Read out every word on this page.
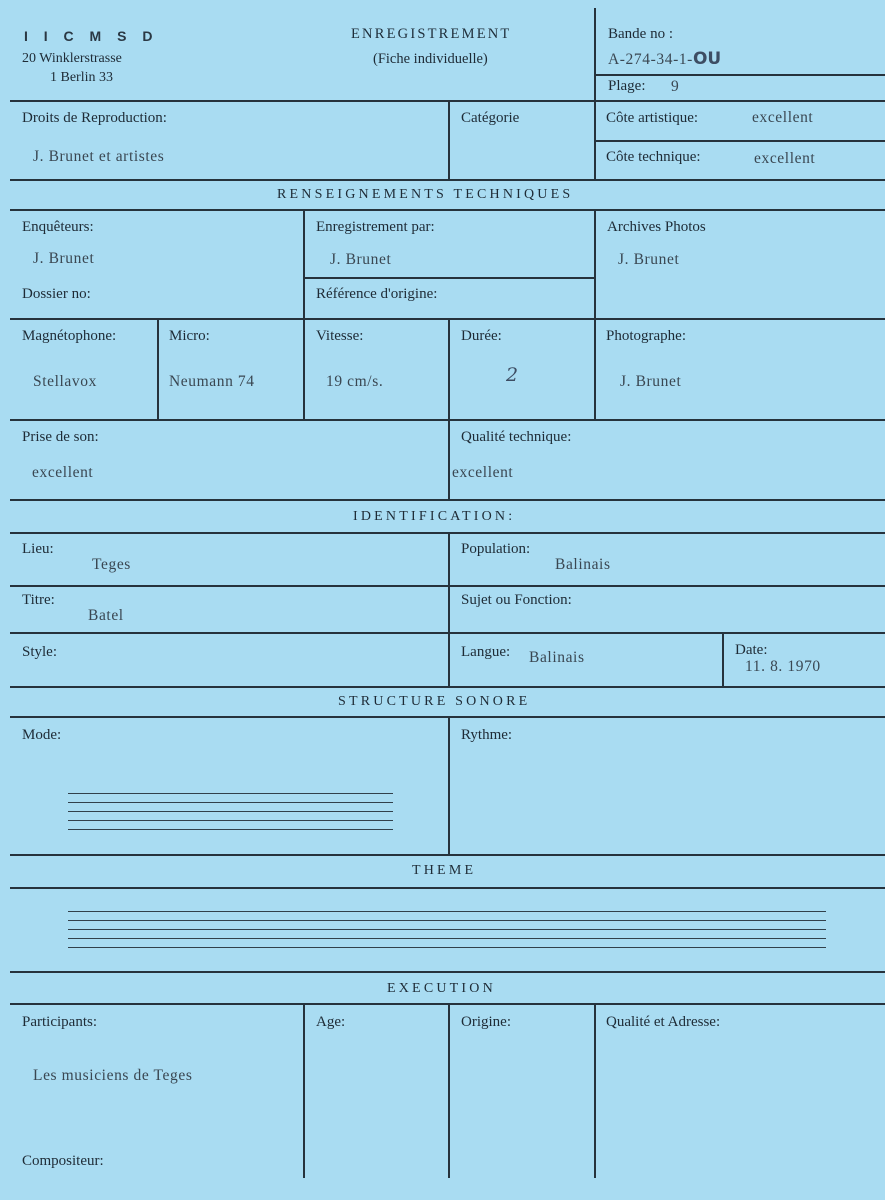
I I C M S D
20 Winklerstrasse
1 Berlin 33
ENREGISTREMENT
(Fiche individuelle)
Bande no :
A-274-34-1-OU
Plage: 9
Droits de Reproduction:
J. Brunet et artistes
Catégorie	Côte artistique:	excellent
Côte technique:	excellent
RENSEIGNEMENTS TECHNIQUES
Enquêteurs:
J. Brunet
Enregistrement par:
J. Brunet
Archives Photos
J. Brunet
Dossier no:	Référence d'origine:
Magnétophone:
Stellavox
Micro:
Neumann 74
Vitesse:
19 cm/s.
Durée:
2
Photographe:
J. Brunet
Prise de son:
excellent
Qualité technique:
excellent
IDENTIFICATION:
Lieu:
Teges
Population:
Balinais
Titre:
Batel
Sujet ou Fonction:
Style:	Langue: Balinais	Date:
11. 8. 1970
STRUCTURE SONORE
Mode:	Rythme:
THEME
EXECUTION
Participants:
Les musiciens de Teges
Age:	Origine:	Qualité et Adresse:
Compositeur:
